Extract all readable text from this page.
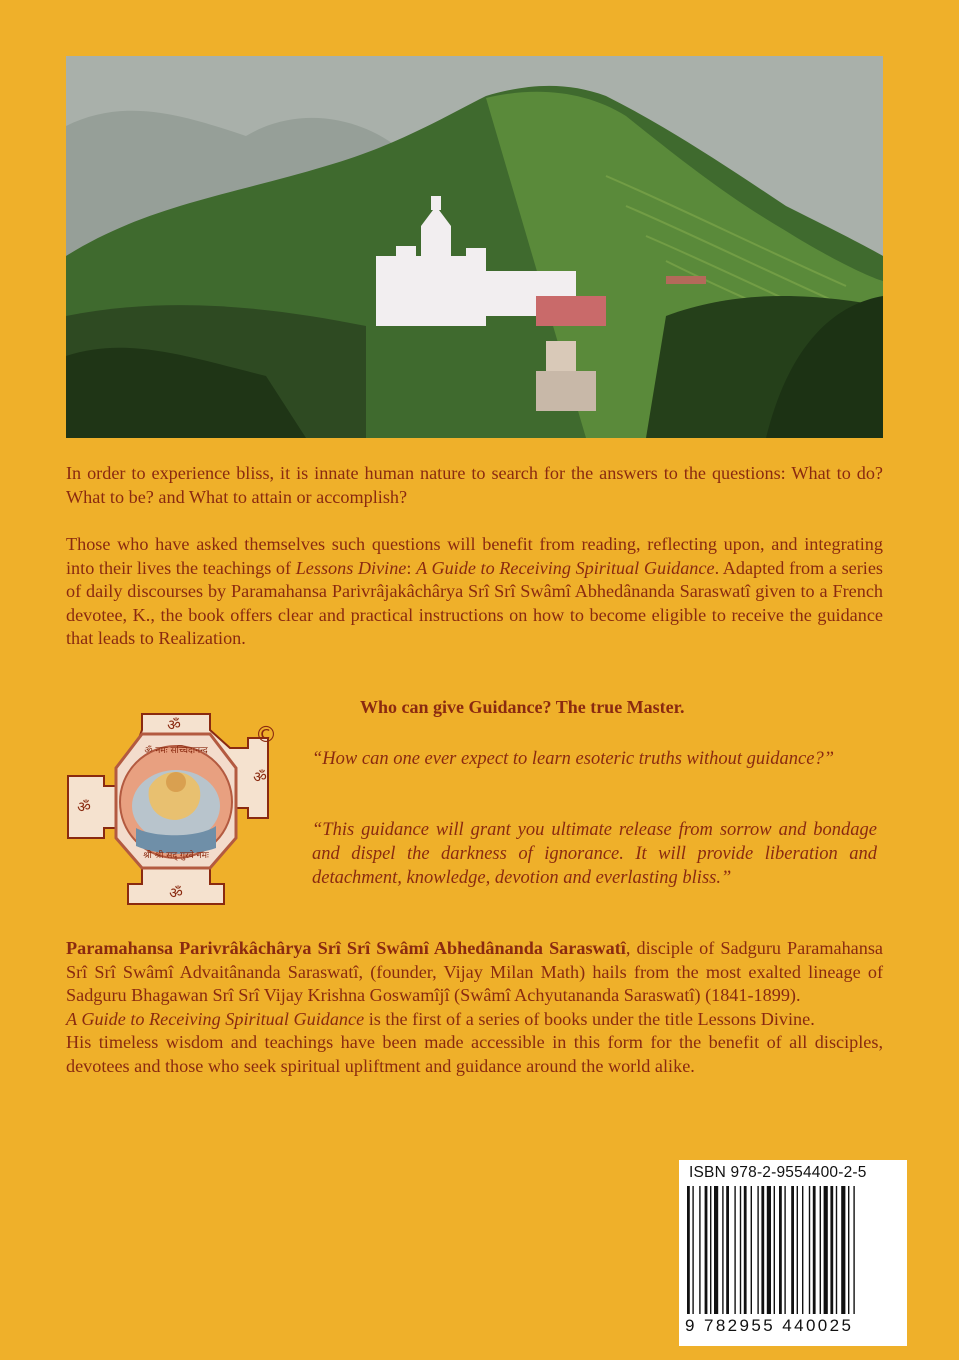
In order to experience bliss, it is innate human nature to search for the answers to the questions: What to do? What to be? and What to attain or accomplish?

Those who have asked themselves such questions will benefit from reading, reflecting upon, and integrating into their lives the teachings of Lessons Divine: A Guide to Receiving Spiritual Guidance. Adapted from a series of daily discourses by Paramahansa Parivrâjakâchârya Srî Srî Swâmî Abhedânanda Saraswatî given to a French devotee, K., the book offers clear and practical instructions on how to become eligible to receive the guidance that leads to Realization.

Who can give Guidance? The true Master.
ॐ नमः सच्चिदानन्द
श्री श्री सद् गुरवे नमः
ॐ
ॐ
ॐ
ॐ
©

“How can one ever expect to learn esoteric truths without guidance?”

“This guidance will grant you ultimate release from sorrow and bondage and dispel the darkness of ignorance. It will provide liberation and detachment, knowledge, devotion and everlasting bliss.”

Paramahansa Parivrâkâchârya Srî Srî Swâmî Abhedânanda Saraswatî, disciple of Sadguru Paramahansa Srî Srî Swâmî Advaitânanda Saraswatî, (founder, Vijay Milan Math) hails from the most exalted lineage of Sadguru Bhagawan Srî Srî Vijay Krishna Goswamîjî (Swâmî Achyutananda Saraswatî) (1841-1899).
A Guide to Receiving Spiritual Guidance is the first of a series of books under the title Lessons Divine.
His timeless wisdom and teachings have been made accessible in this form for the benefit of all disciples, devotees and those who seek spiritual upliftment and guidance around the world alike.

ISBN 978-2-9554400-2-5
9 782955 440025
